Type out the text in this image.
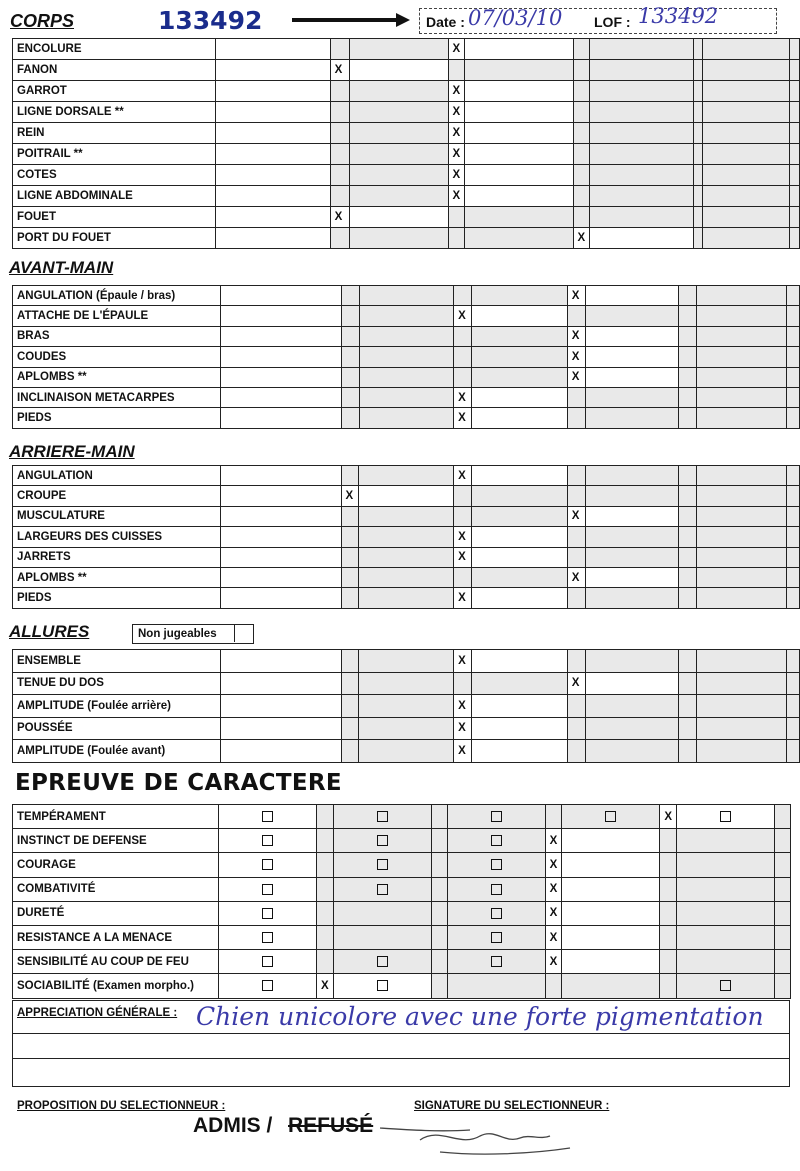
CORPS	133492	Date : 07/03/10 LOF : 133492
AVANT-MAIN
ARRIERE-MAIN
ALLURES	Non jugeables
EPREUVE DE CARACTERE
ENCOLURE				X						
FANON		X								
GARROT				X						
LIGNE DORSALE **				X						
REIN				X						
POITRAIL **				X						
COTES				X						
LIGNE ABDOMINALE				X						
FOUET		X								
PORT DU FOUET						X				
ANGULATION (Épaule / bras)						X				
ATTACHE DE L'ÉPAULE				X						
BRAS						X				
COUDES						X				
APLOMBS **						X				
INCLINAISON METACARPES				X						
PIEDS				X						
ANGULATION				X						
CROUPE		X								
MUSCULATURE						X				
LARGEURS DES CUISSES				X						
JARRETS				X						
APLOMBS **						X				
PIEDS				X						
ENSEMBLE				X						
TENUE DU DOS						X				
AMPLITUDE (Foulée arrière)				X						
POUSSÉE				X						
AMPLITUDE (Foulée avant)				X						
TEMPÉRAMENT								X		
INSTINCT DE DEFENSE						X				
COURAGE						X				
COMBATIVITÉ						X				
DURETÉ						X				
RESISTANCE A LA MENACE						X				
SENSIBILITÉ AU COUP DE FEU						X				
SOCIABILITÉ (Examen morpho.)		X								
APPRECIATION GÉNÉRALE : Chien unicolore avec une forte pigmentation
PROPOSITION DU SELECTIONNEUR :	SIGNATURE DU SELECTIONNEUR :
ADMIS / REFUSÉ
